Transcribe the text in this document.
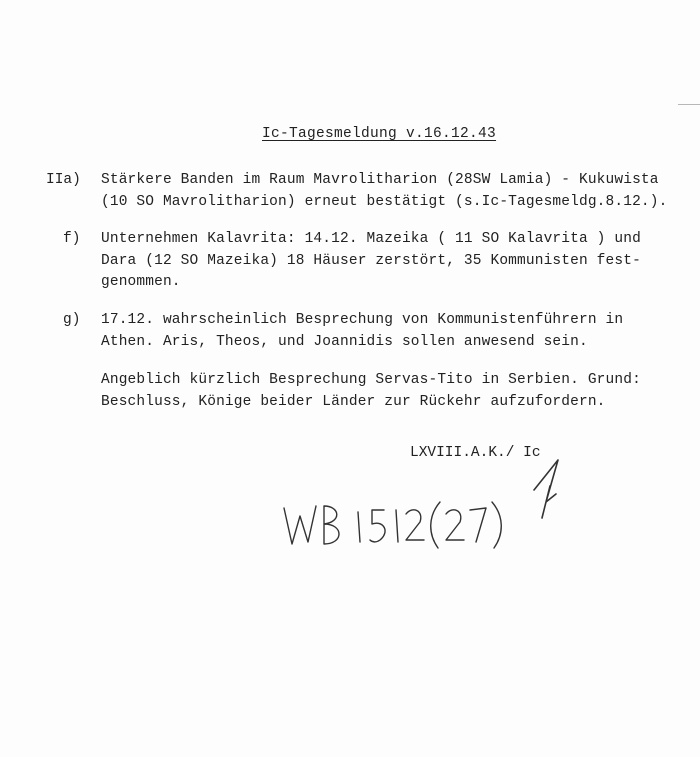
Ic-Tagesmeldung v.16.12.43
IIa) Stärkere Banden im Raum Mavrolitharion (28SW Lamia) - Kukuwista
(10 SO Mavrolitharion) erneut bestätigt (s.Ic-Tagesmeldg.8.12.).
f) Unternehmen Kalavrita: 14.12. Mazeika ( 11 SO Kalavrita ) und
Dara (12 SO Mazeika) 18 Häuser zerstört, 35 Kommunisten fest-
genommen.
g) 17.12. wahrscheinlich Besprechung von Kommunistenführern in
Athen. Aris, Theos, und Joannidis sollen anwesend sein.
Angeblich kürzlich Besprechung Servas-Tito in Serbien. Grund:
Beschluss, Könige beider Länder zur Rückehr aufzufordern.
LXVIII.A.K./ Ic
